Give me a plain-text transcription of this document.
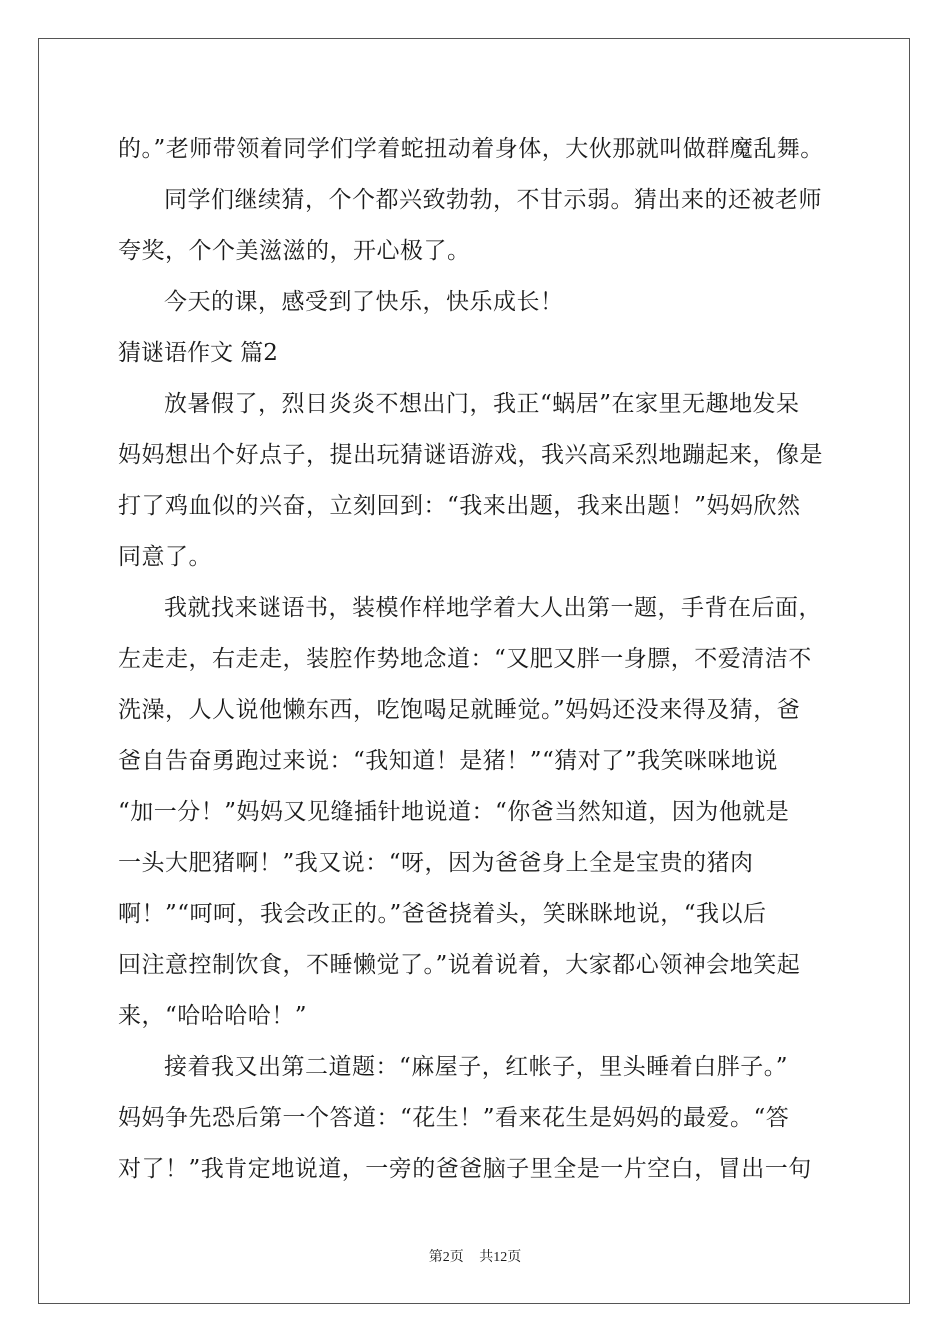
的。”老师带领着同学们学着蛇扭动着身体，大伙那就叫做群魔乱舞。
同学们继续猜，个个都兴致勃勃，不甘示弱。猜出来的还被老师
夸奖，个个美滋滋的，开心极了。
今天的课，感受到了快乐，快乐成长！
猜谜语作文 篇2
放暑假了，烈日炎炎不想出门，我正“蜗居”在家里无趣地发呆
妈妈想出个好点子，提出玩猜谜语游戏，我兴高采烈地蹦起来，像是
打了鸡血似的兴奋，立刻回到：“我来出题，我来出题！”妈妈欣然
同意了。
我就找来谜语书，装模作样地学着大人出第一题，手背在后面，
左走走，右走走，装腔作势地念道：“又肥又胖一身膘，不爱清洁不
洗澡，人人说他懒东西，吃饱喝足就睡觉。”妈妈还没来得及猜，爸
爸自告奋勇跑过来说：“我知道！是猪！”“猜对了”我笑咪咪地说
“加一分！”妈妈又见缝插针地说道：“你爸当然知道，因为他就是
一头大肥猪啊！”我又说：“呀，因为爸爸身上全是宝贵的猪肉
啊！”“呵呵，我会改正的。”爸爸挠着头，笑眯眯地说，“我以后
回注意控制饮食，不睡懒觉了。”说着说着，大家都心领神会地笑起
来，“哈哈哈哈！”
接着我又出第二道题：“麻屋子，红帐子，里头睡着白胖子。”
妈妈争先恐后第一个答道：“花生！”看来花生是妈妈的最爱。“答
对了！”我肯定地说道，一旁的爸爸脑子里全是一片空白，冒出一句
第2页 共12页
